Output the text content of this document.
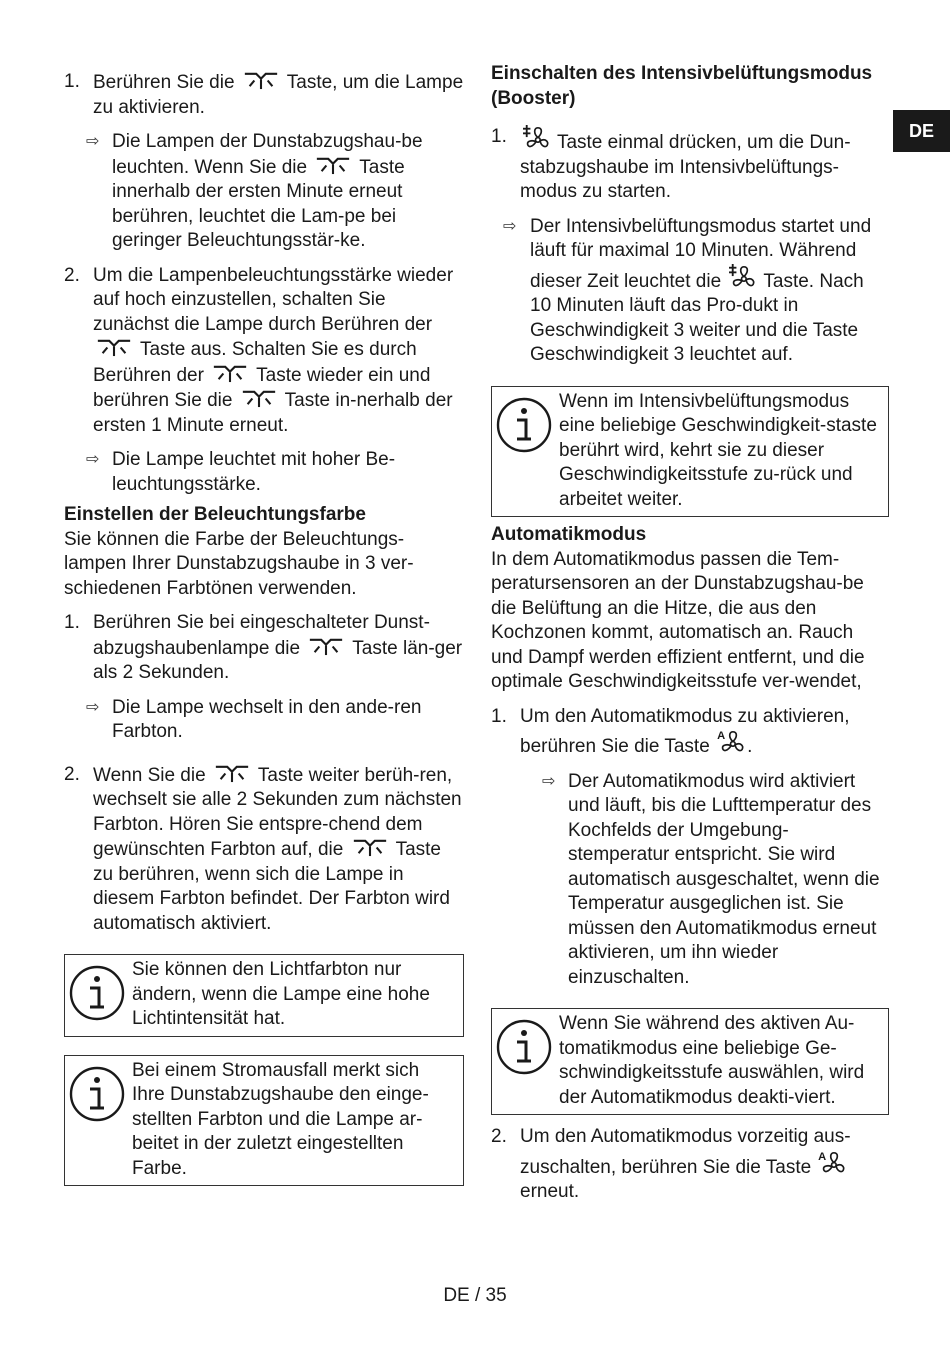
DE
1. Berühren Sie die	Taste, um die Lampe zu aktivieren.
⇨ Die Lampen der Dunstabzugshau-be leuchten. Wenn Sie die	Taste innerhalb der ersten Minute erneut berühren, leuchtet die Lam-pe bei geringer Beleuchtungsstär-ke.
2. Um die Lampenbeleuchtungsstärke wieder auf hoch einzustellen, schalten Sie zunächst die Lampe durch Berühren der  Taste aus. Schalten Sie es durch Berühren der	Taste wieder ein und berühren Sie die	Taste in-nerhalb der ersten 1 Minute erneut.
⇨ Die Lampe leuchtet mit hoher Be-leuchtungsstärke.

Einstellen der Beleuchtungsfarbe

Sie können die Farbe der Beleuchtungs-lampen Ihrer Dunstabzugshaube in 3 ver-schiedenen Farbtönen verwenden.

1. Berühren Sie bei eingeschalteter Dunst-abzugshaubenlampe die	Taste län-ger als 2 Sekunden.
⇨ Die Lampe wechselt in den ande-ren Farbton.
2. Wenn Sie die	Taste weiter berüh-ren, wechselt sie alle 2 Sekunden zum nächsten Farbton. Hören Sie entspre-chend dem gewünschten Farbton auf, die	Taste zu berühren, wenn sich die Lampe in diesem Farbton befindet. Der Farbton wird automatisch aktiviert.

Sie können den Lichtfarbton nur ändern, wenn die Lampe eine hohe Lichtintensität hat.

Bei einem Stromausfall merkt sich Ihre Dunstabzugshaube den einge-stellten Farbton und die Lampe ar-beitet in der zuletzt eingestellten Farbe.

Einschalten des Intensivbelüftungsmodus (Booster)

1.	Taste einmal drücken, um die Dun-stabzugshaube im Intensivbelüftungs-modus zu starten.
⇨ Der Intensivbelüftungsmodus startet und läuft für maximal 10 Minuten. Während dieser Zeit leuchtet die Taste. Nach 10 Minuten läuft das Pro-dukt in Geschwindigkeit 3 weiter und die Taste Geschwindigkeit 3 leuchtet auf.

Wenn im Intensivbelüftungsmodus eine beliebige Geschwindigkeit-staste berührt wird, kehrt sie zu dieser Geschwindigkeitsstufe zu-rück und arbeitet weiter.

Automatikmodus

In dem Automatikmodus passen die Tem-peratursensoren an der Dunstabzugshau-be die Belüftung an die Hitze, die aus den Kochzonen kommt, automatisch an. Rauch und Dampf werden effizient entfernt, und die optimale Geschwindigkeitsstufe ver-wendet,

1. Um den Automatikmodus zu aktivieren, berühren Sie die Taste .
⇨ Der Automatikmodus wird aktiviert und läuft, bis die Lufttemperatur des Kochfelds der Umgebung-stemperatur entspricht. Sie wird automatisch ausgeschaltet, wenn die Temperatur ausgeglichen ist. Sie müssen den Automatikmodus erneut aktivieren, um ihn wieder einzuschalten.

Wenn Sie während des aktiven Au-tomatikmodus eine beliebige Ge-schwindigkeitsstufe auswählen, wird der Automatikmodus deakti-viert.

2. Um den Automatikmodus vorzeitig aus-zuschalten, berühren Sie die Taste  erneut.
DE / 35
